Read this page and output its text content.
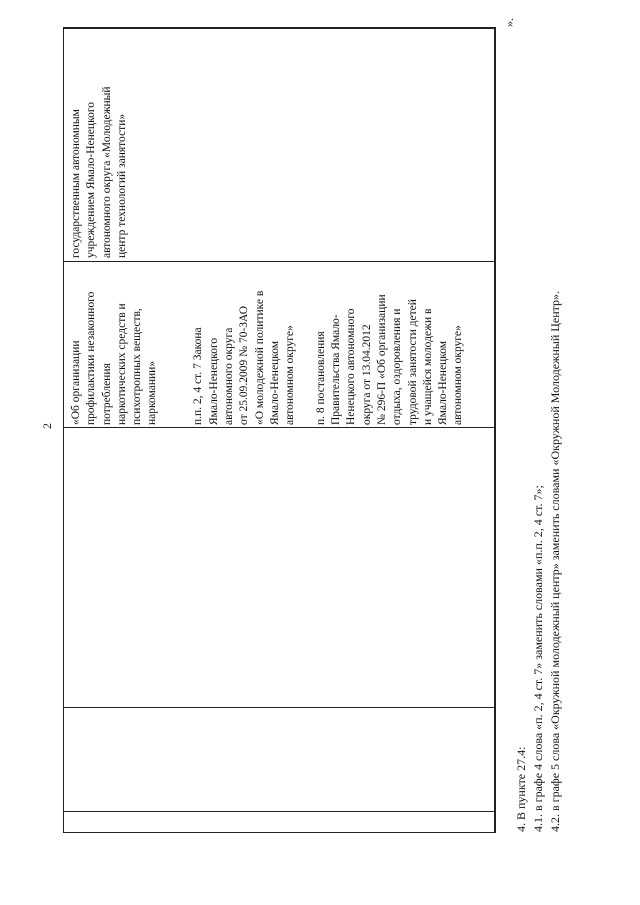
2
».
4. В пункте 27.4: 4.1. в графе 4 слова «п. 2, 4 ст. 7» заменить словами «п.п. 2, 4 ст. 7»; 4.2. в графе 5 слова «Окружной молодежный центр» заменить словами «Окружной Молодежный Центр».
«Об организации
профилактики незаконного
потребления
наркотических средств и
психотропных веществ,
наркомании»

п.п. 2, 4 ст. 7 Закона
Ямало-Ненецкого
автономного округа
от 25.09.2009 № 70-ЗАО
«О молодежной политике в
Ямало-Ненецком
автономном округе»

п. 8 постановления
Правительства Ямало-
Ненецкого автономного
округа от 13.04.2012
№ 296-П «Об организации
отдыха, оздоровления и
трудовой занятости детей
и учащейся молодежи в
Ямало-Ненецком
автономном округе»
государственным автономным
учреждением Ямало-Ненецкого
автономного округа «Молодежный
центр технологий занятости»
